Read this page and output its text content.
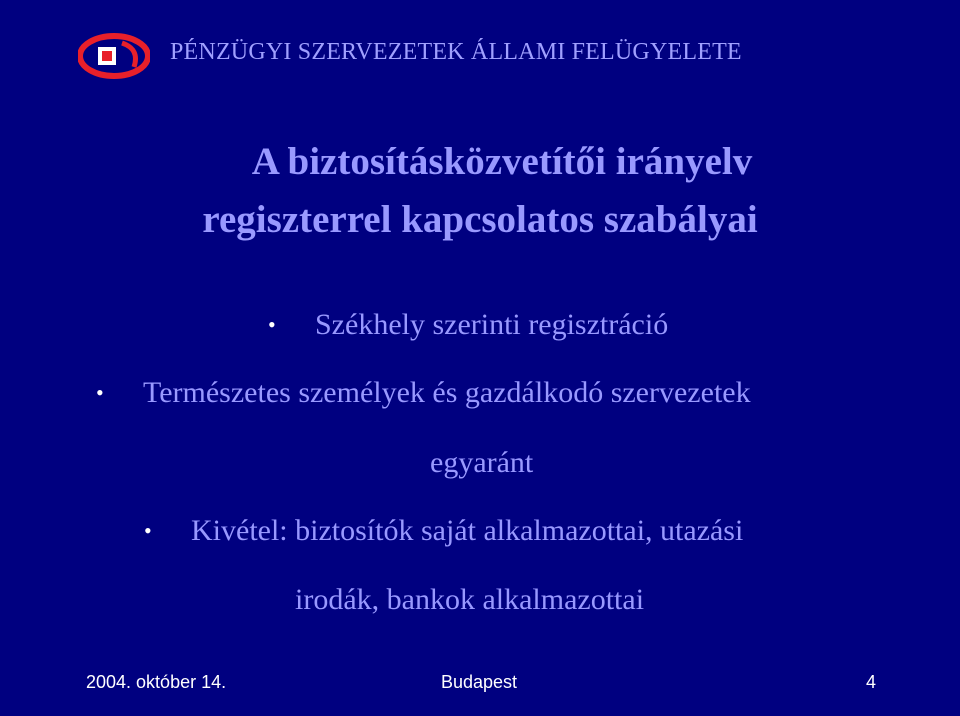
PÉNZÜGYI SZERVEZETEK ÁLLAMI FELÜGYELETE
A biztosításközvetítői irányelv
regiszterrel kapcsolatos szabályai
• Székhely szerinti regisztráció
• Természetes személyek és gazdálkodó szervezetek
egyaránt
• Kivétel: biztosítók saját alkalmazottai, utazási
irodák, bankok alkalmazottai
2004. október 14.	Budapest	4
